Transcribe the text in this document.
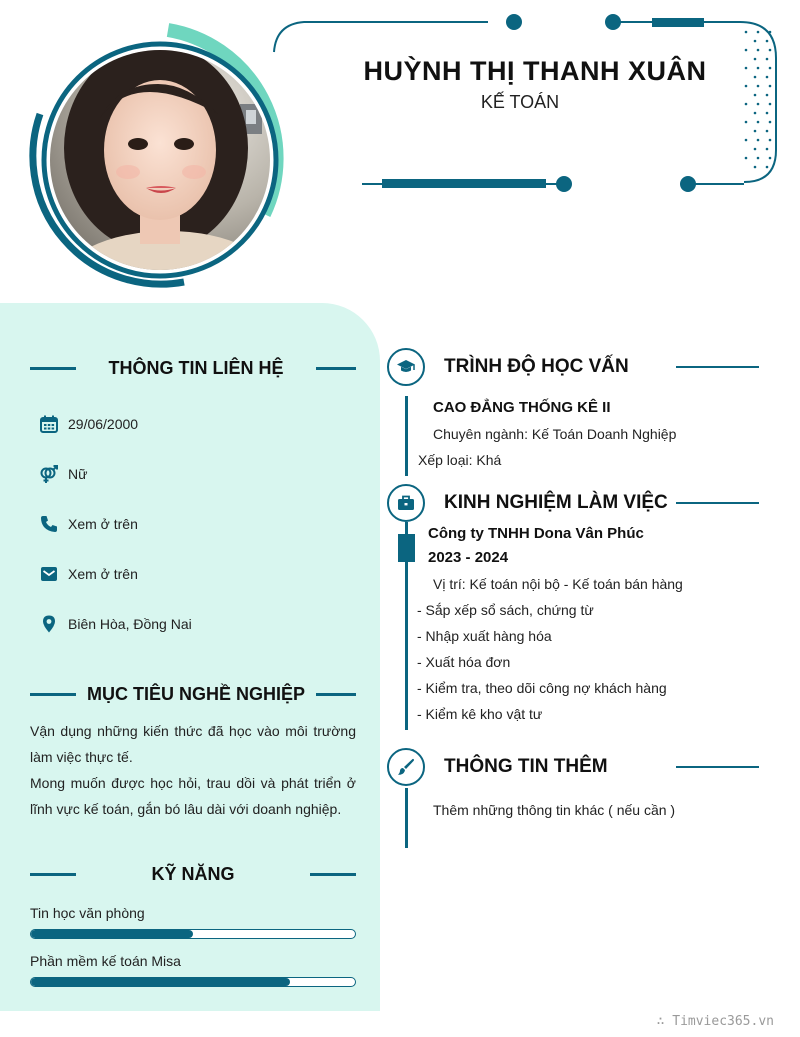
HUỲNH THỊ THANH XUÂN
KẾ TOÁN
THÔNG TIN LIÊN HỆ
29/06/2000
Nữ
Xem ở trên
Xem ở trên
Biên Hòa, Đồng Nai
MỤC TIÊU NGHỀ NGHIỆP
Vận dụng những kiến thức đã học vào môi trường làm việc thực tế.
Mong muốn được học hỏi, trau dồi và phát triển ở lĩnh vực kế toán, gắn bó lâu dài với doanh nghiệp.
KỸ NĂNG
Tin học văn phòng
Phần mềm kế toán Misa
TRÌNH ĐỘ HỌC VẤN
CAO ĐẲNG THỐNG KÊ II
Chuyên ngành: Kế Toán Doanh Nghiệp
Xếp loại: Khá
KINH NGHIỆM LÀM VIỆC
Công ty TNHH Dona Vân Phúc
2023 - 2024
Vị trí: Kế toán nội bộ - Kế toán bán hàng
- Sắp xếp sổ sách, chứng từ
- Nhập xuất hàng hóa
- Xuất hóa đơn
- Kiểm tra, theo dõi công nợ khách hàng
- Kiểm kê kho vật tư
THÔNG TIN THÊM
Thêm những thông tin khác ( nếu cần )
∴ Timviec365.vn
